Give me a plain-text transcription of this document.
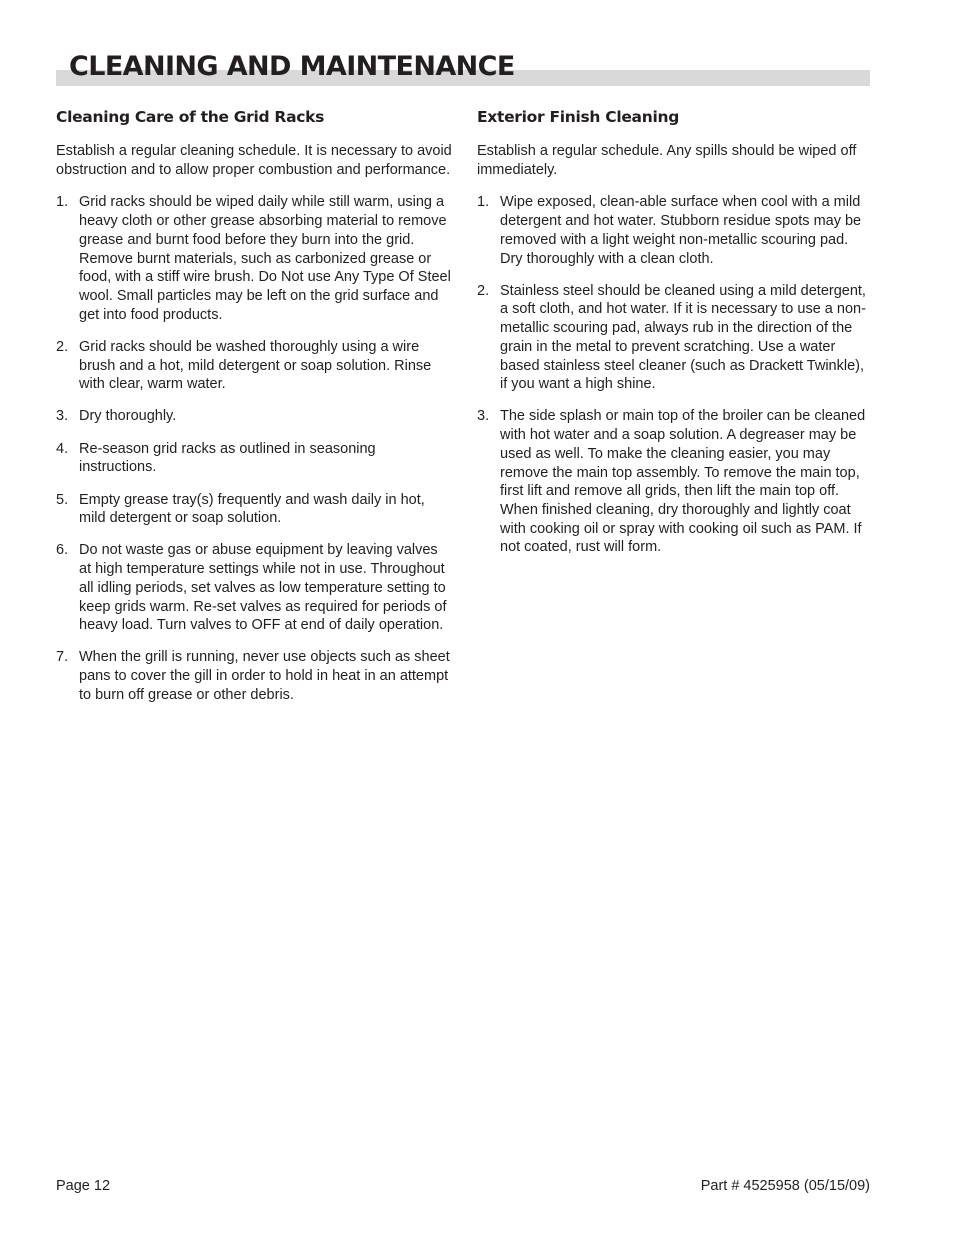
CLEANING AND MAINTENANCE
Cleaning Care of the Grid Racks

Establish a regular cleaning schedule. It is necessary to avoid obstruction and to allow proper combustion and performance.

1. Grid racks should be wiped daily while still warm, using a heavy cloth or other grease absorbing material to remove grease and burnt food before they burn into the grid. Remove burnt materials, such as carbonized grease or food, with a stiff wire brush. Do Not use Any Type Of Steel wool. Small particles may be left on the grid surface and get into food products.
2. Grid racks should be washed thoroughly using a wire brush and a hot, mild detergent or soap solution. Rinse with clear, warm water.
3. Dry thoroughly.
4. Re-season grid racks as outlined in seasoning instructions.
5. Empty grease tray(s) frequently and wash daily in hot, mild detergent or soap solution.
6. Do not waste gas or abuse equipment by leaving valves at high temperature settings while not in use. Throughout all idling periods, set valves as low temperature setting to keep grids warm. Re-set valves as required for periods of heavy load. Turn valves to OFF at end of daily operation.
7. When the grill is running, never use objects such as sheet pans to cover the gill in order to hold in heat in an attempt to burn off grease or other debris.
Exterior Finish Cleaning

Establish a regular schedule. Any spills should be wiped off immediately.

1. Wipe exposed, clean-able surface when cool with a mild detergent and hot water. Stubborn residue spots may be removed with a light weight non-metallic scouring pad. Dry thoroughly with a clean cloth.
2. Stainless steel should be cleaned using a mild detergent, a soft cloth, and hot water. If it is necessary to use a non-metallic scouring pad, always rub in the direction of the grain in the metal to prevent scratching. Use a water based stainless steel cleaner (such as Drackett Twinkle), if you want a high shine.
3. The side splash or main top of the broiler can be cleaned with hot water and a soap solution. A degreaser may be used as well. To make the cleaning easier, you may remove the main top assembly. To remove the main top, first lift and remove all grids, then lift the main top off. When finished cleaning, dry thoroughly and lightly coat with cooking oil or spray with cooking oil such as PAM. If not coated, rust will form.
Page 12	Part # 4525958 (05/15/09)
